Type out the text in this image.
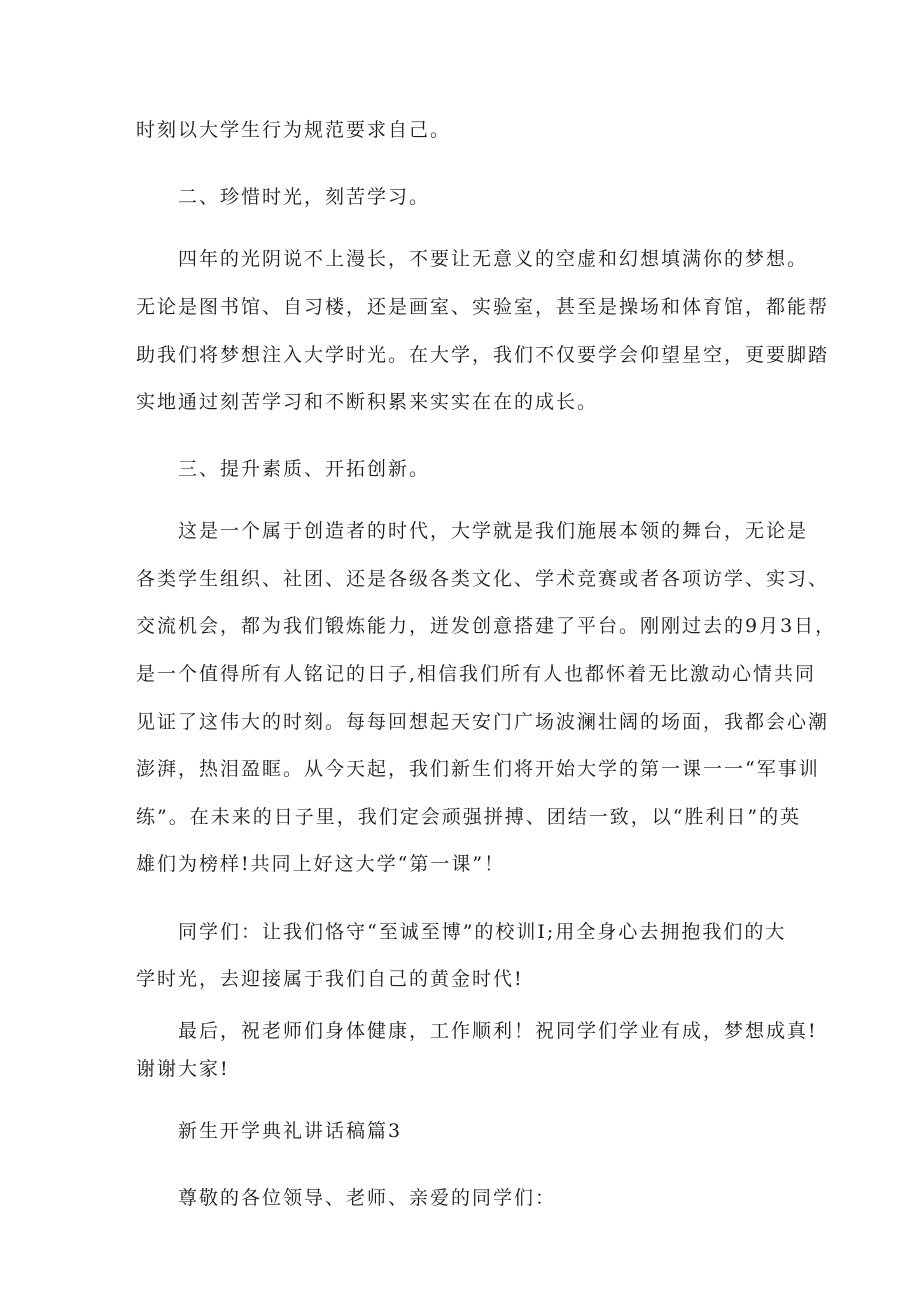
时刻以大学生行为规范要求自己。
二、珍惜时光，刻苦学习。
四年的光阴说不上漫长，不要让无意义的空虚和幻想填满你的梦想。
无论是图书馆、自习楼，还是画室、实验室，甚至是操场和体育馆，都能帮
助我们将梦想注入大学时光。在大学，我们不仅要学会仰望星空，更要脚踏
实地通过刻苦学习和不断积累来实实在在的成长。
三、提升素质、开拓创新。
这是一个属于创造者的时代，大学就是我们施展本领的舞台，无论是
各类学生组织、社团、还是各级各类文化、学术竞赛或者各项访学、实习、
交流机会，都为我们锻炼能力，迸发创意搭建了平台。刚刚过去的9月3日，
是一个值得所有人铭记的日子,相信我们所有人也都怀着无比激动心情共同
见证了这伟大的时刻。每每回想起天安门广场波澜壮阔的场面，我都会心潮
澎湃，热泪盈眶。从今天起，我们新生们将开始大学的第一课一一“军事训
练”。在未来的日子里，我们定会顽强拼搏、团结一致，以“胜利日”的英
雄们为榜样!共同上好这大学“第一课”！
同学们：让我们恪守“至诚至博”的校训I;用全身心去拥抱我们的大
学时光，去迎接属于我们自己的黄金时代!
最后，祝老师们身体健康，工作顺利！祝同学们学业有成，梦想成真!
谢谢大家!
新生开学典礼讲话稿篇3
尊敬的各位领导、老师、亲爱的同学们：
